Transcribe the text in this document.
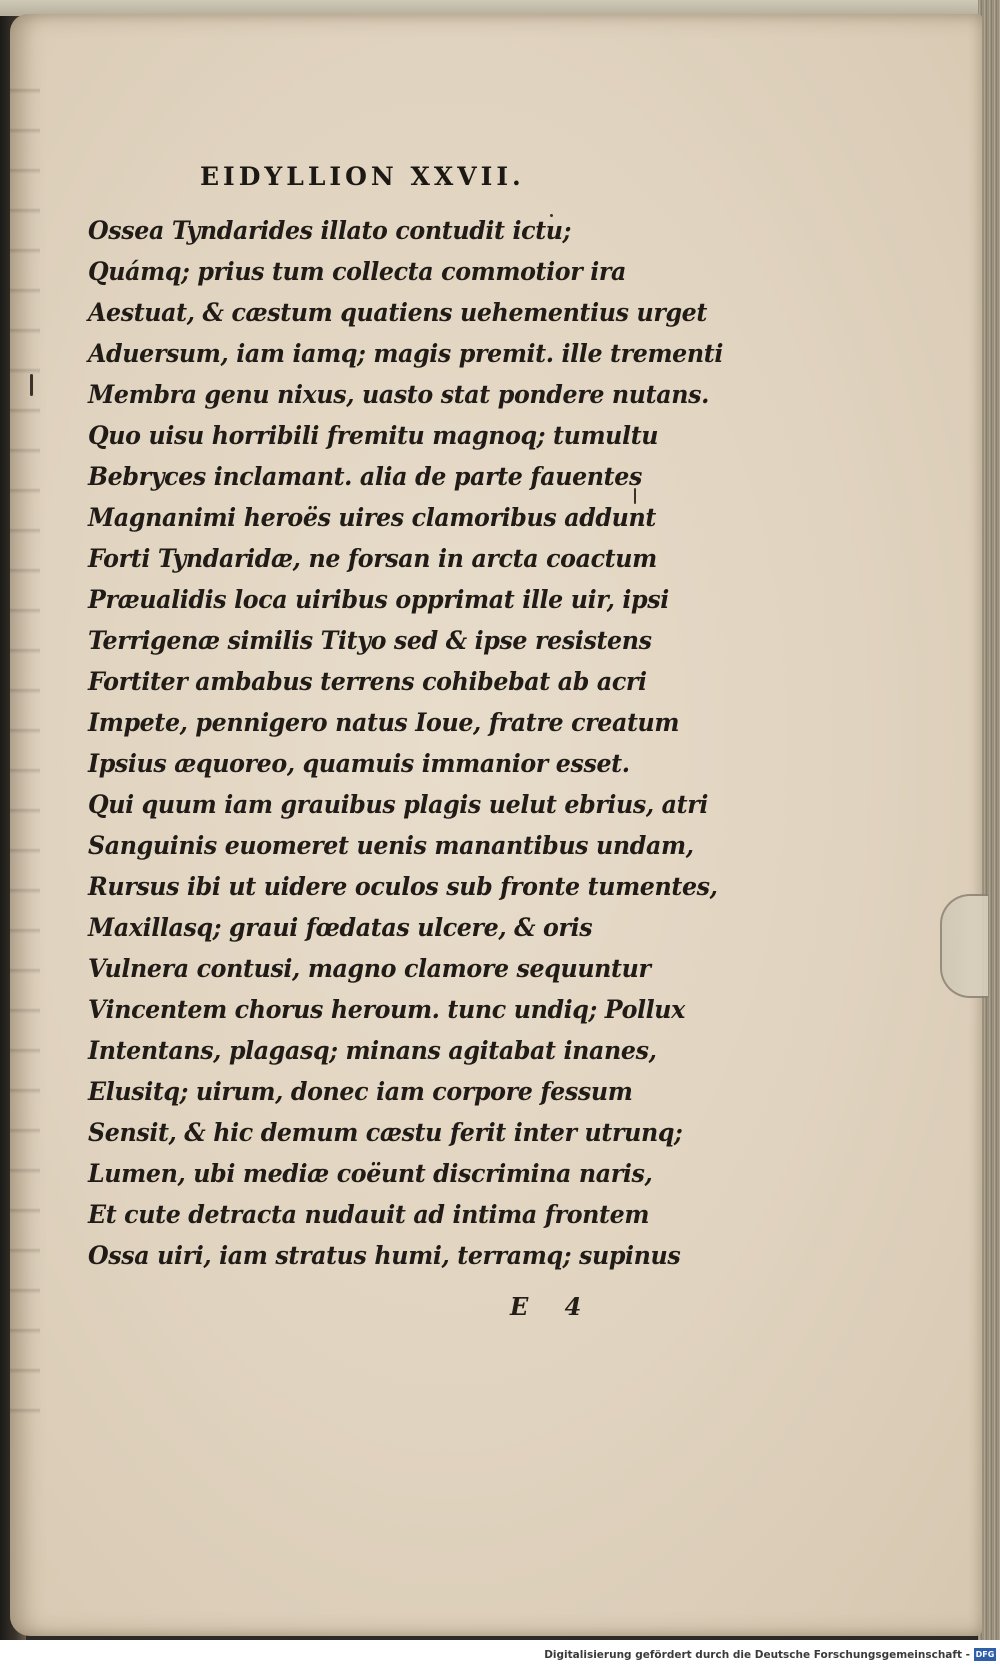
EIDYLLION XXVII.
Ossea Tyndarides illato contudit ictu;
Quámq; prius tum collecta commotior ira
Aestuat, & cæstum quatiens uehementius urget
Aduersum, iam iamq; magis premit. ille trementi
Membra genu nixus, uasto stat pondere nutans.
Quo uisu horribili fremitu magnoq; tumultu
Bebryces inclamant. alia de parte fauentes
Magnanimi heroës uires clamoribus addunt
Forti Tyndaridæ, ne forsan in arcta coactum
Præualidis loca uiribus opprimat ille uir, ipsi
Terrigenæ similis Tityo sed & ipse resistens
Fortiter ambabus terrens cohibebat ab acri
Impete, pennigero natus Ioue, fratre creatum
Ipsius æquoreo, quamuis immanior esset.
Qui quum iam grauibus plagis uelut ebrius, atri
Sanguinis euomeret uenis manantibus undam,
Rursus ibi ut uidere oculos sub fronte tumentes,
Maxillasq; graui fœdatas ulcere, & oris
Vulnera contusi, magno clamore sequuntur
Vincentem chorus heroum. tunc undiq; Pollux
Intentans, plagasq; minans agitabat inanes,
Elusitq; uirum, donec iam corpore fessum
Sensit, & hic demum cæstu ferit inter utrunq;
Lumen, ubi mediæ coëunt discrimina naris,
Et cute detracta nudauit ad intima frontem
Ossa uiri, iam stratus humi, terramq; supinus
E 4
Digitalisierung gefördert durch die Deutsche Forschungsgemeinschaft - DFG
